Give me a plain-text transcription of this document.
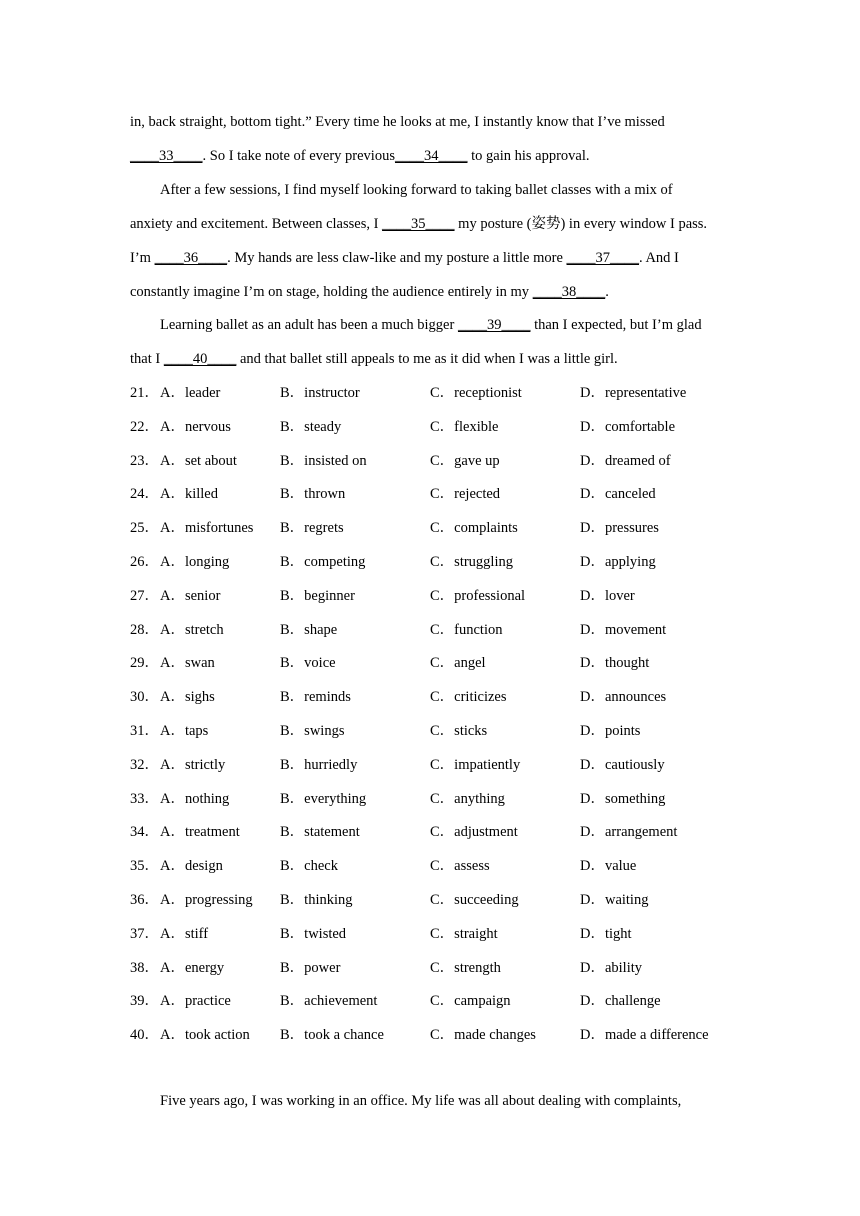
in, back straight, bottom tight.” Every time he looks at me, I instantly know that I’ve missed
____33____. So I take note of every previous____34____ to gain his approval.
After a few sessions, I find myself looking forward to taking ballet classes with a mix of
anxiety and excitement. Between classes, I ____35____ my posture (姿势) in every window I pass.
I’m ____36____. My hands are less claw-like and my posture a little more ____37____. And I
constantly imagine I’m on stage, holding the audience entirely in my ____38____.
Learning ballet as an adult has been a much bigger ____39____ than I expected, but I’m glad
that I ____40____ and that ballet still appeals to me as it did when I was a little girl.
21． A．leader	B．instructor	C．receptionist	D．representative
22． A．nervous	B．steady	C．flexible	D．comfortable
23． A．set about	B．insisted on	C．gave up	D．dreamed of
24． A．killed	B．thrown	C．rejected	D．canceled
25． A．misfortunes B．regrets	C．complaints	D．pressures
26． A．longing	B．competing	C．struggling	D．applying
27． A．senior	B．beginner	C．professional	D．lover
28． A．stretch	B．shape	C．function	D．movement
29． A．swan	B．voice	C．angel	D．thought
30． A．sighs	B．reminds	C．criticizes	D．announces
31． A．taps	B．swings	C．sticks	D．points
32． A．strictly	B．hurriedly	C．impatiently	D．cautiously
33． A．nothing	B．everything	C．anything	D．something
34． A．treatment	B．statement	C．adjustment	D．arrangement
35． A．design	B．check	C．assess	D．value
36． A．progressing B．thinking	C．succeeding	D．waiting
37． A．stiff	B．twisted	C．straight	D．tight
38． A．energy	B．power	C．strength	D．ability
39． A．practice	B．achievement	C．campaign	D．challenge
40． A．took action B．took a chance	C．made changes	D．made a difference
Five years ago, I was working in an office. My life was all about dealing with complaints,
